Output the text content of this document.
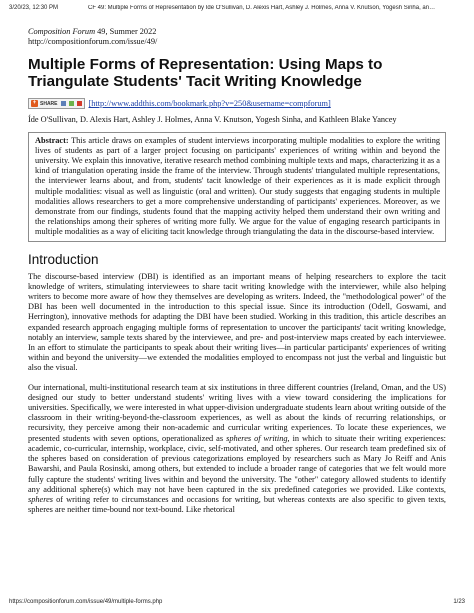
3/20/23, 12:30 PM	CF 49: Multiple Forms of Representation by Íde O'Sullivan, D. Alexis Hart, Ashley J. Holmes, Anna V. Knutson, Yogesh Sinha, an…

Composition Forum 49, Summer 2022

http://compositionforum.com/issue/49/

Multiple Forms of Representation: Using Maps to Triangulate Students' Tacit Writing Knowledge
+ SHARE	[http://www.addthis.com/bookmark.php?v=250&username=compforum]

Íde O'Sullivan, D. Alexis Hart, Ashley J. Holmes, Anna V. Knutson, Yogesh Sinha, and Kathleen Blake Yancey

Abstract: This article draws on examples of student interviews incorporating multiple modalities to explore the writing lives of students as part of a larger project focusing on participants' experiences of writing within and beyond the university. We explain this innovative, iterative research method combining multiple texts and maps, characterizing it as a kind of triangulation operating inside the frame of the interview. Through students' triangulated multiple representations, the interviewer learns about, and from, students' tacit knowledge of their experiences as it is made explicit through multiple modalities: visual as well as linguistic (oral and written). Our study suggests that engaging students in multiple modalities allows researchers to get a more comprehensive understanding of participants' experiences. Moreover, as we demonstrate from our findings, students found that the mapping activity helped them understand their own writing and the relationships among their spheres of writing more fully. We argue for the value of engaging research participants in multiple modalities as a way of eliciting tacit knowledge through triangulating the data in the discourse-based interview.
Introduction

The discourse-based interview (DBI) is identified as an important means of helping researchers to explore the tacit knowledge of writers, stimulating interviewees to share tacit writing knowledge with the interviewer, while also helping writers to become more aware of how they themselves are developing as writers. Indeed, the "methodological power" of the DBI has been well documented in the introduction to this special issue. Since its introduction (Odell, Goswami, and Herrington), innovative methods for adapting the DBI have been studied. Working in this tradition, this article describes an expanded research approach engaging multiple forms of representation to uncover the participants' tacit writing knowledge, notably an interview, sample texts shared by the interviewee, and pre- and post-interview maps created by each interviewee. In an effort to stimulate the participants to speak about their writing lives—in particular participants' experiences of writing within and beyond the university—we extended the modalities employed to encompass not just the verbal and linguistic but also the visual.

Our international, multi-institutional research team at six institutions in three different countries (Ireland, Oman, and the US) designed our study to better understand students' writing lives with a view toward considering the implications for universities. Specifically, we were interested in what upper-division undergraduate students learn about writing outside of the classroom in their writing-beyond-the-classroom experiences, as well as about the kinds of recurring relationships, or recursivity, they perceive among their non-academic and curricular writing experiences. To locate these experiences, we presented students with seven options, operationalized as spheres of writing, in which to situate their writing experiences: academic, co-curricular, internship, workplace, civic, self-motivated, and other spheres. Our research team predefined six of the spheres based on consideration of previous categorizations employed by researchers such as Mary Jo Reiff and Anis Bawarshi, and Paula Rosinski, among others, but extended to include a broader range of categories that we felt would more fully capture the students' writing lives within and beyond the university. The "other" category allowed students to identify any additional sphere(s) which may not have been captured in the six predefined categories we provided. Like contexts, spheres of writing refer to circumstances and occasions for writing, but whereas contexts are also specific to given texts, spheres are neither time-bound nor text-bound. Like rhetorical

https://compositionforum.com/issue/49/multiple-forms.php	1/23
